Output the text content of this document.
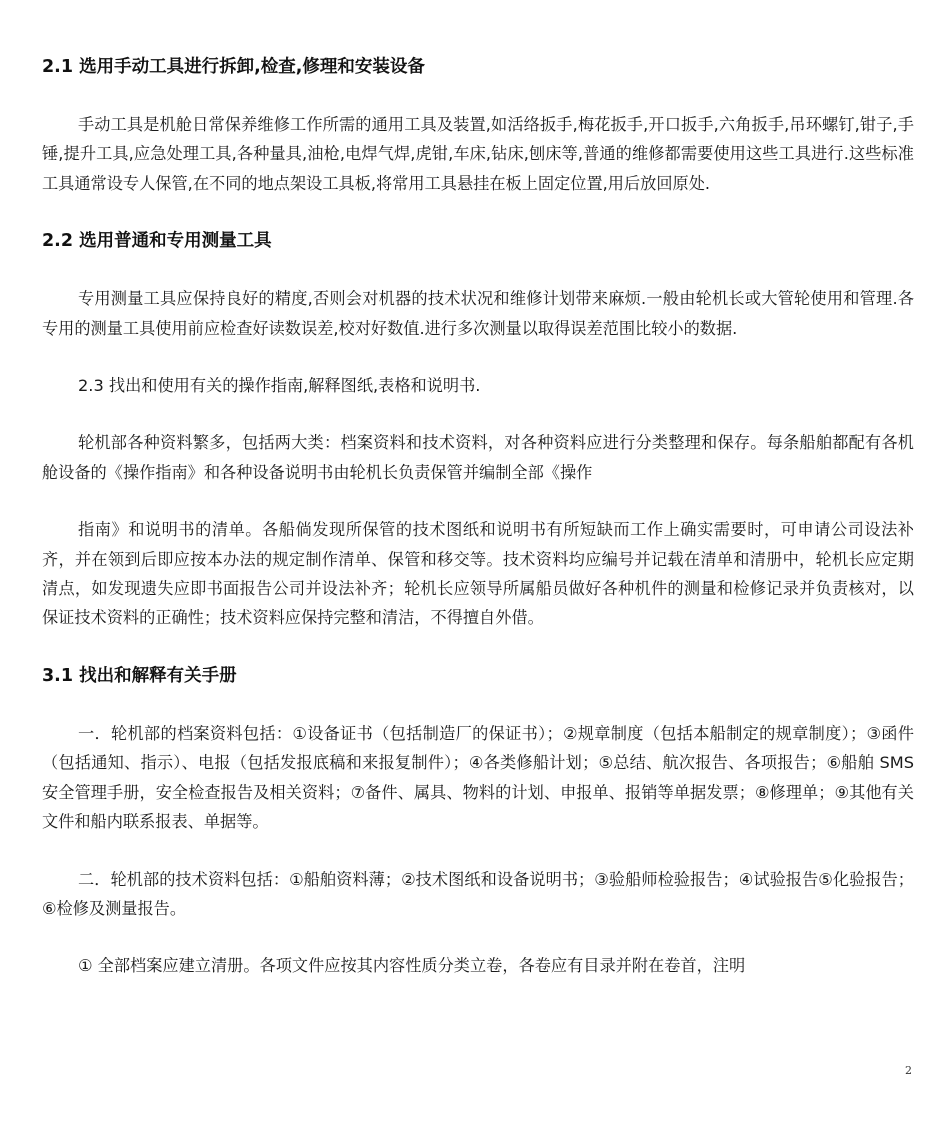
2.1 选用手动工具进行拆卸,检查,修理和安装设备

手动工具是机舱日常保养维修工作所需的通用工具及装置,如活络扳手,梅花扳手,开口扳手,六角扳手,吊环螺钉,钳子,手锤,提升工具,应急处理工具,各种量具,油枪,电焊气焊,虎钳,车床,钻床,刨床等,普通的维修都需要使用这些工具进行.这些标准工具通常设专人保管,在不同的地点架设工具板,将常用工具悬挂在板上固定位置,用后放回原处.

2.2 选用普通和专用测量工具

专用测量工具应保持良好的精度,否则会对机器的技术状况和维修计划带来麻烦.一般由轮机长或大管轮使用和管理.各专用的测量工具使用前应检查好读数误差,校对好数值.进行多次测量以取得误差范围比较小的数据.

2.3 找出和使用有关的操作指南,解释图纸,表格和说明书.

轮机部各种资料繁多，包括两大类：档案资料和技术资料，对各种资料应进行分类整理和保存。每条船舶都配有各机舱设备的《操作指南》和各种设备说明书由轮机长负责保管并编制全部《操作

指南》和说明书的清单。各船倘发现所保管的技术图纸和说明书有所短缺而工作上确实需要时，可申请公司设法补齐，并在领到后即应按本办法的规定制作清单、保管和移交等。技术资料均应编号并记载在清单和清册中，轮机长应定期清点，如发现遗失应即书面报告公司并设法补齐；轮机长应领导所属船员做好各种机件的测量和检修记录并负责核对，以保证技术资料的正确性；技术资料应保持完整和清洁，不得擅自外借。

3.1 找出和解释有关手册

一．轮机部的档案资料包括：①设备证书（包括制造厂的保证书）；②规章制度（包括本船制定的规章制度）；③函件（包括通知、指示）、电报（包括发报底稿和来报复制件）；④各类修船计划；⑤总结、航次报告、各项报告；⑥船舶 SMS 安全管理手册，安全检查报告及相关资料；⑦备件、属具、物料的计划、申报单、报销等单据发票；⑧修理单；⑨其他有关文件和船内联系报表、单据等。

二．轮机部的技术资料包括：①船舶资料薄；②技术图纸和设备说明书；③验船师检验报告；④试验报告⑤化验报告；⑥检修及测量报告。

① 全部档案应建立清册。各项文件应按其内容性质分类立卷，各卷应有目录并附在卷首，注明

2
